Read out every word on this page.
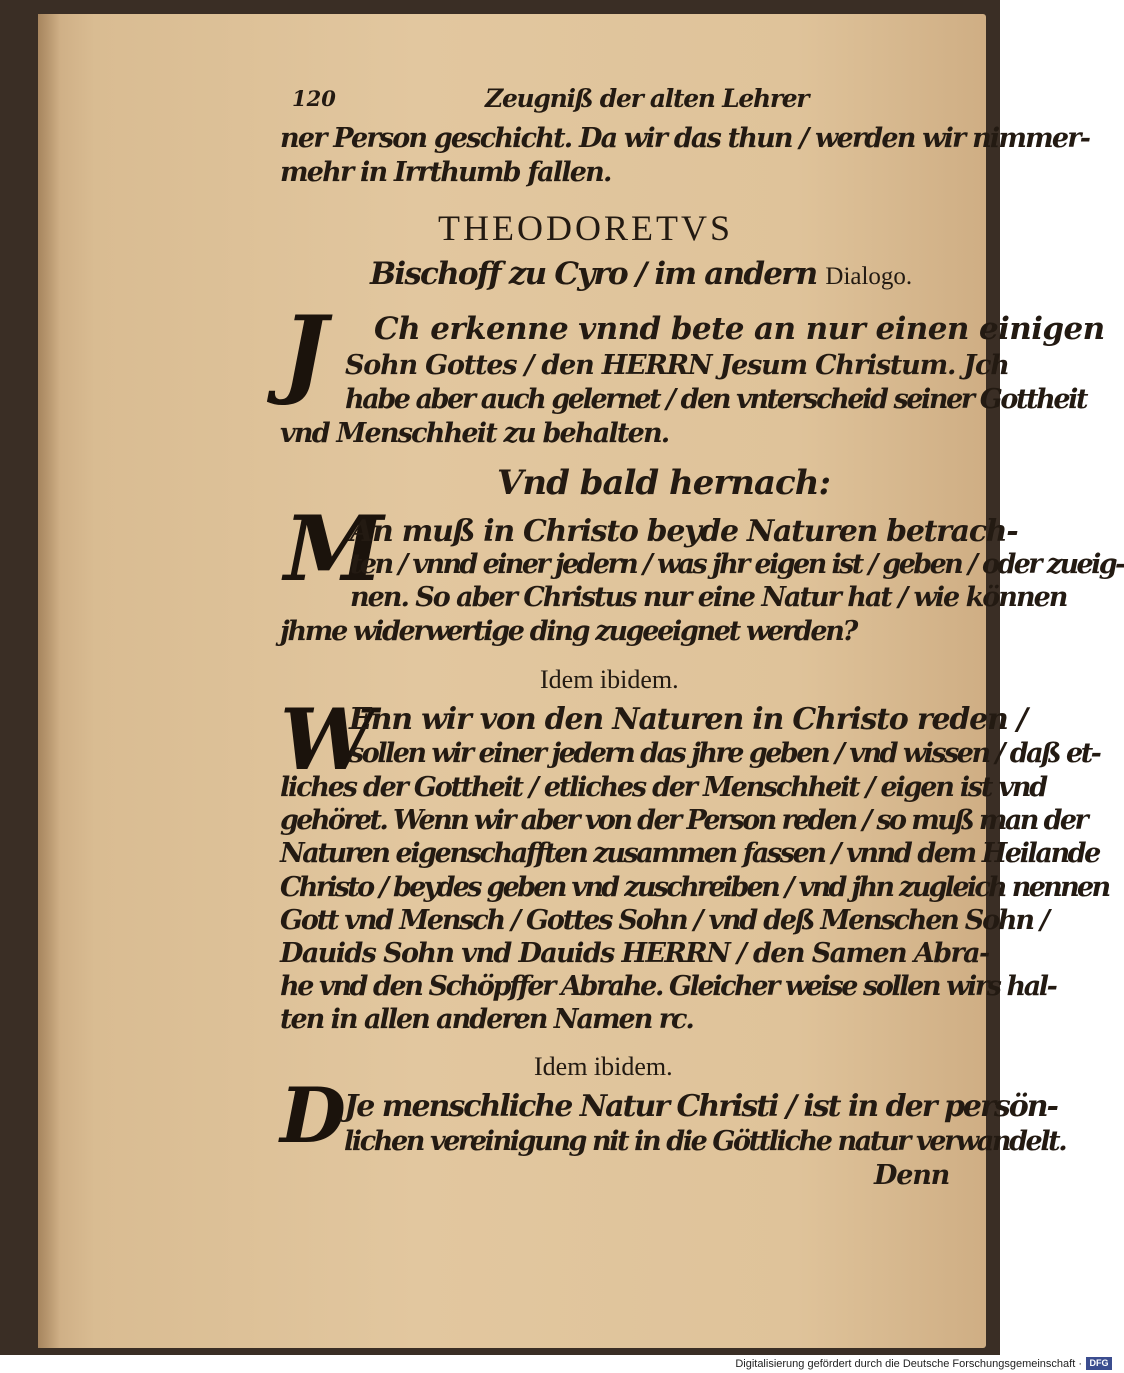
120	Zeugniß der alten Lehrer
ner Person geschicht. Da wir das thun / werden wir nimmer-
mehr in Irrthumb fallen.
THEODORETVS
Bischoff zu Cyro / im andern Dialogo.
J Ch erkenne vnnd bete an nur einen einigen
Sohn Gottes / den HERRN Jesum Christum. Jch
habe aber auch gelernet / den vnterscheid seiner Gottheit
vnd Menschheit zu behalten.
Vnd bald hernach:
M
An muß in Christo beyde Naturen betrach-
ten / vnnd einer jedern / was jhr eigen ist / geben / oder zueig-
nen. So aber Christus nur eine Natur hat / wie können
jhme widerwertige ding zugeeignet werden?
Idem ibidem.
W
Enn wir von den Naturen in Christo reden /
sollen wir einer jedern das jhre geben / vnd wissen / daß et-
liches der Gottheit / etliches der Menschheit / eigen ist vnd
gehöret. Wenn wir aber von der Person reden / so muß man der
Naturen eigenschafften zusammen fassen / vnnd dem Heilande
Christo / beydes geben vnd zuschreiben / vnd jhn zugleich nennen
Gott vnd Mensch / Gottes Sohn / vnd deß Menschen Sohn /
Dauids Sohn vnd Dauids HERRN / den Samen Abra-
he vnd den Schöpffer Abrahe. Gleicher weise sollen wirs hal-
ten in allen anderen Namen rc.
Idem ibidem.
D
Je menschliche Natur Christi / ist in der persön-
lichen vereinigung nit in die Göttliche natur verwandelt.
Denn
Digitalisierung gefördert durch die Deutsche Forschungsgemeinschaft · DFG
